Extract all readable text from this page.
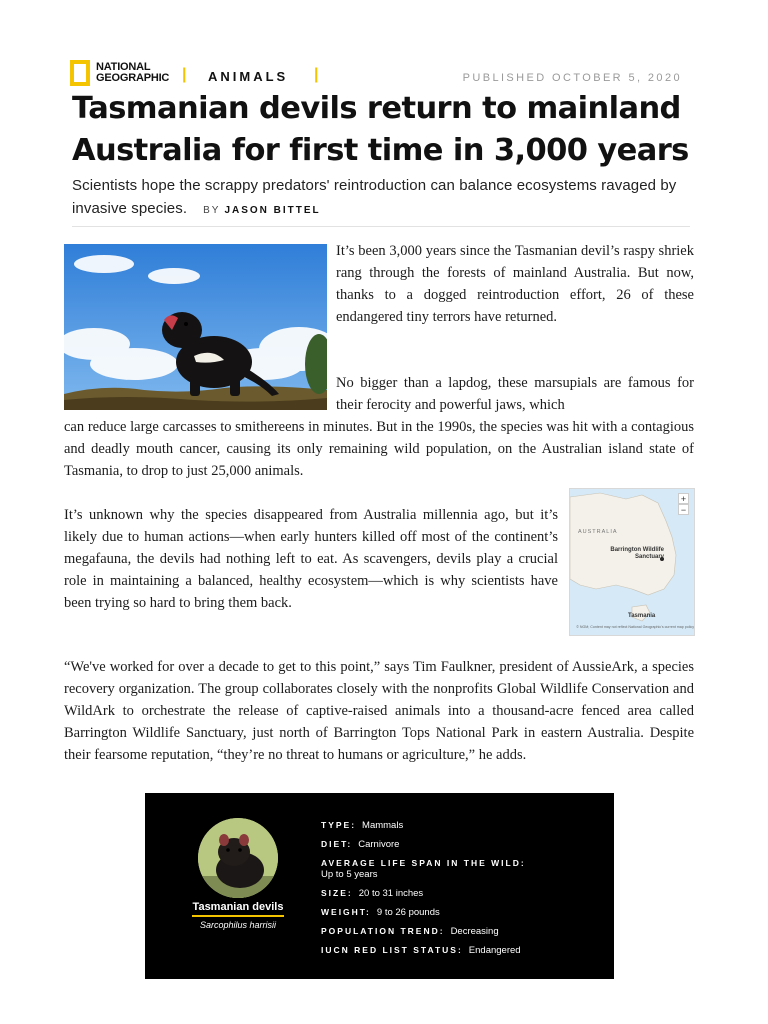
NATIONAL
GEOGRAPHIC | ANIMALS |	PUBLISHED OCTOBER 5, 2020
Tasmanian devils return to mainland Australia for first time in 3,000 years
Scientists hope the scrappy predators' reintroduction can balance ecosystems ravaged by invasive species. BY JASON BITTEL
It’s been 3,000 years since the Tasmanian devil’s raspy shriek rang through the forests of mainland Australia. But now, thanks to a dogged reintroduction effort, 26 of these endangered tiny terrors have returned.
No bigger than a lapdog, these marsupials are famous for their ferocity and powerful jaws, which
can reduce large carcasses to smithereens in minutes. But in the 1990s, the species was hit with a contagious and deadly mouth cancer, causing its only remaining wild population, on the Australian island state of Tasmania, to drop to just 25,000 animals.
It’s unknown why the species disappeared from Australia millennia ago, but it’s likely due to human actions—when early hunters killed off most of the continent’s megafauna, the devils had nothing left to eat. As scavengers, devils play a crucial role in maintaining a balanced, healthy ecosystem—which is why scientists have been trying so hard to bring them back.
+
−
AUSTRALIA
Barrington Wildlife
Sanctuary
Tasmania
© NGM; Content may not reflect National Geographic's current map policy
“We've worked for over a decade to get to this point,” says Tim Faulkner, president of AussieArk, a species recovery organization. The group collaborates closely with the nonprofits Global Wildlife Conservation and WildArk to orchestrate the release of captive-raised animals into a thousand-acre fenced area called Barrington Wildlife Sanctuary, just north of Barrington Tops National Park in eastern Australia. Despite their fearsome reputation, “they’re no threat to humans or agriculture,” he adds.
Tasmanian devils
Sarcophilus harrisii
TYPE: Mammals
DIET: Carnivore
AVERAGE LIFE SPAN IN THE WILD:
Up to 5 years
SIZE: 20 to 31 inches
WEIGHT: 9 to 26 pounds
POPULATION TREND: Decreasing
IUCN RED LIST STATUS: Endangered
